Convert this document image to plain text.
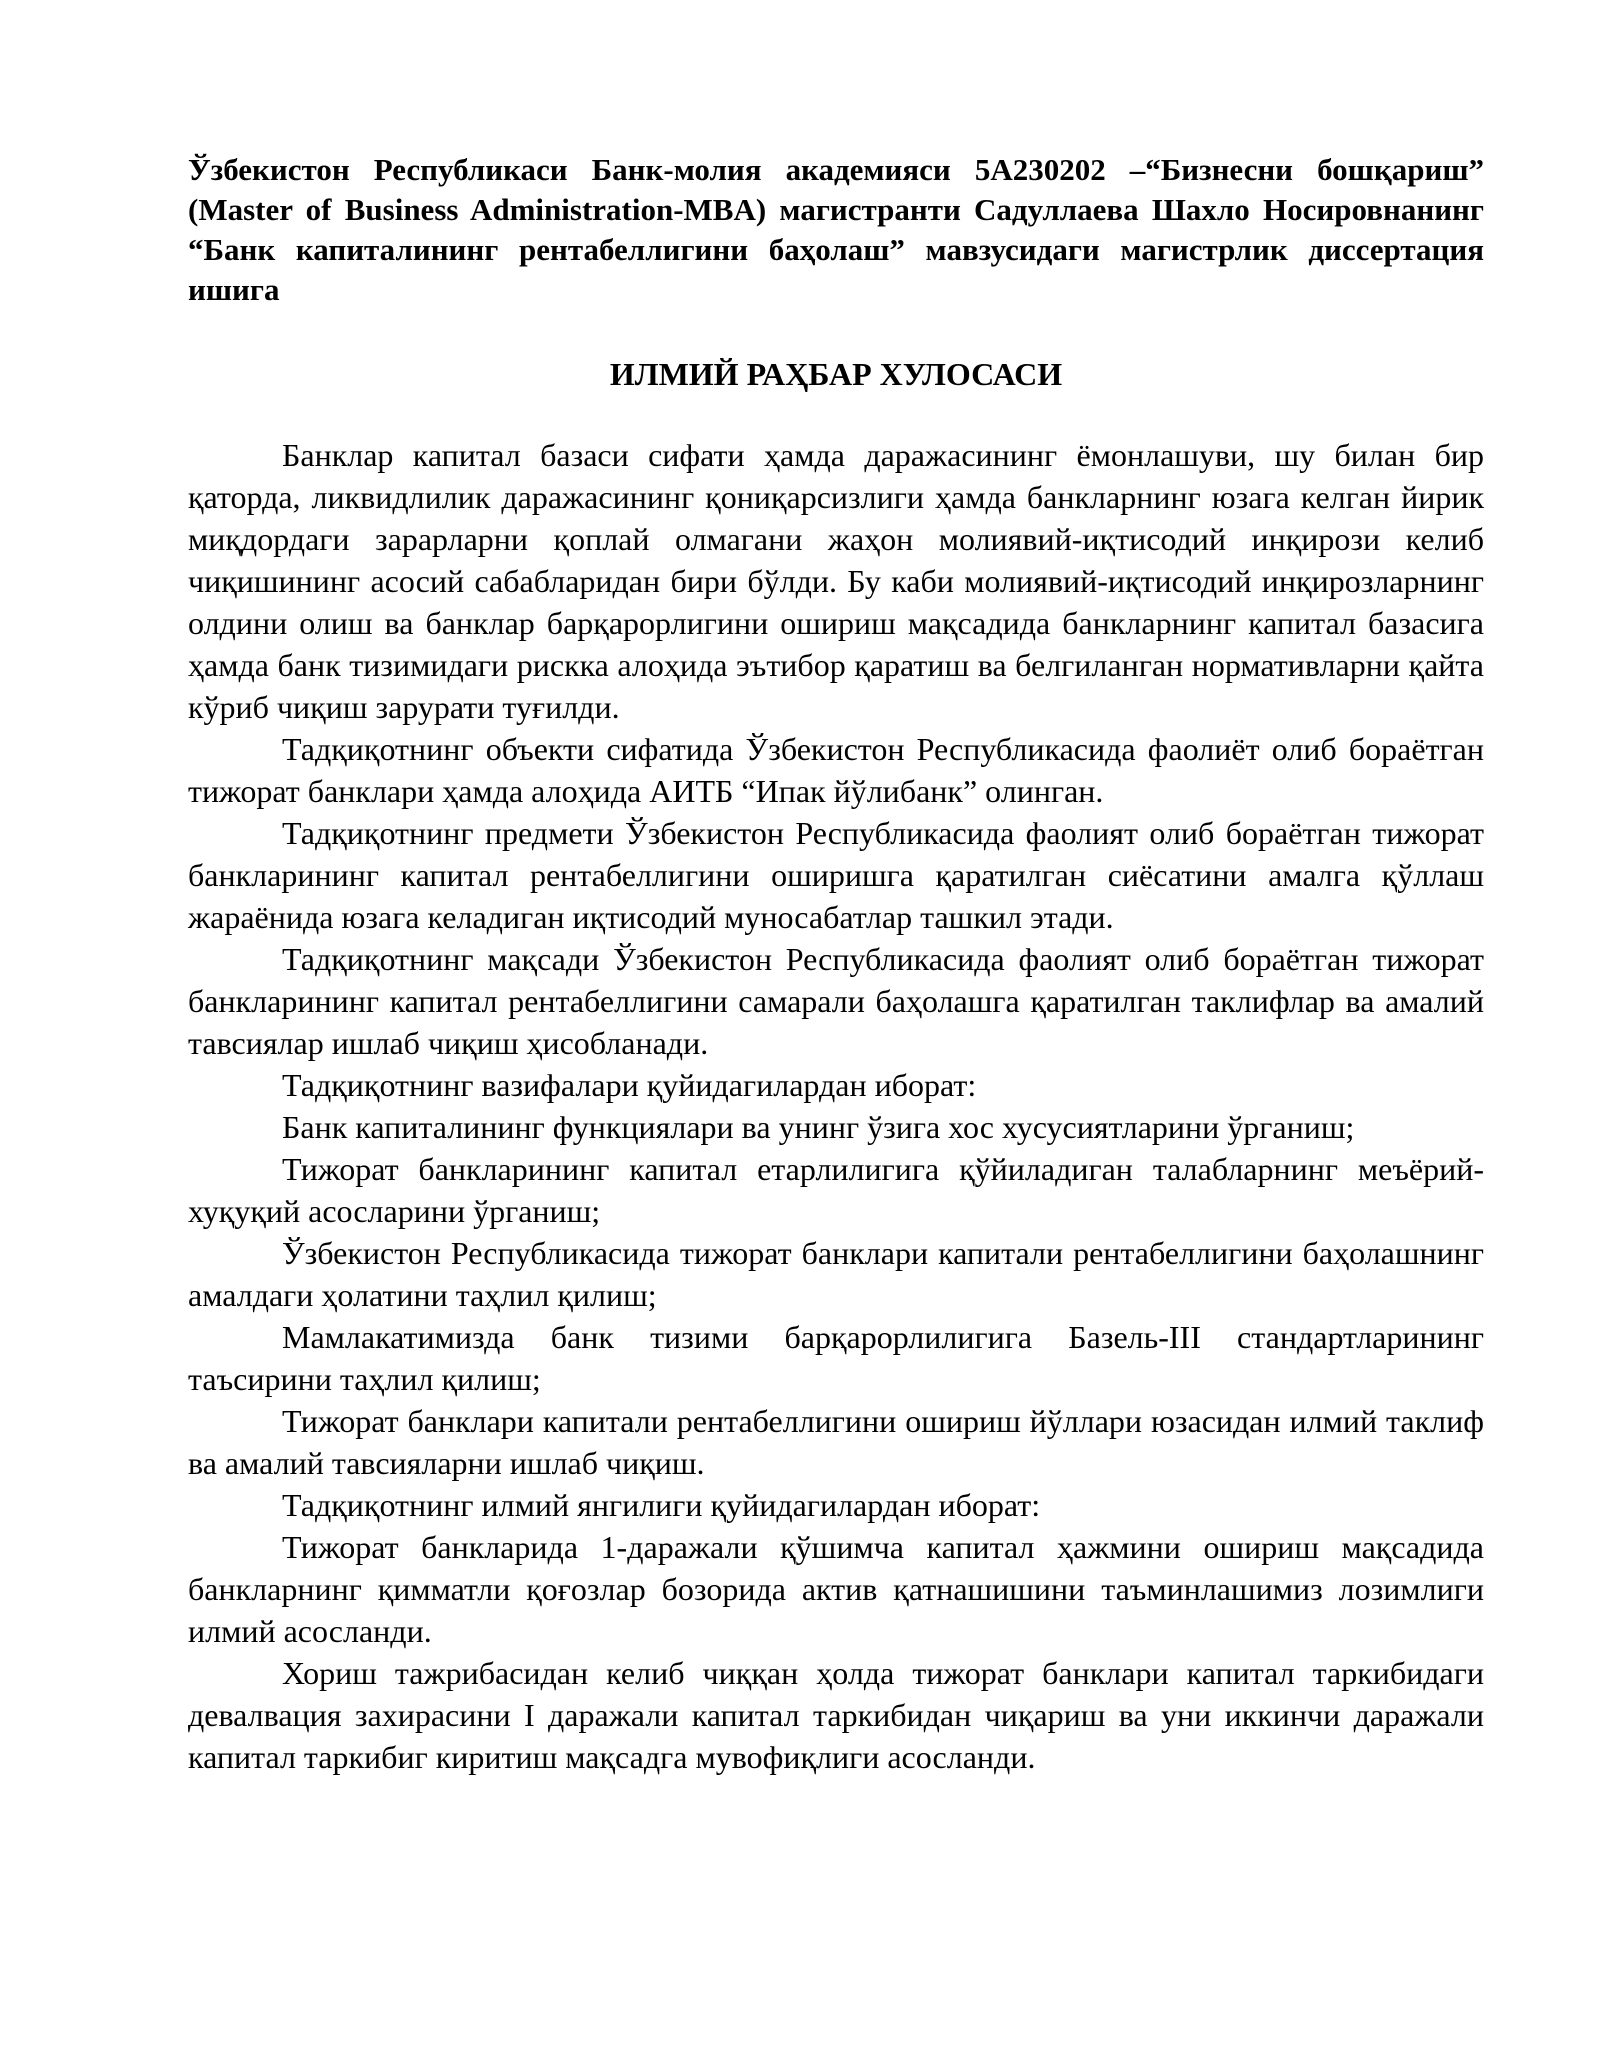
Ўзбекистон Республикаси Банк-молия академияси 5А230202 –“Бизнесни бошқариш” (Master of Business Administration-MBA) магистранти Садуллаева Шахло Носировнанинг “Банк капиталининг рентабеллигини баҳолаш” мавзусидаги магистрлик диссертация ишига

ИЛМИЙ РАҲБАР ХУЛОСАСИ

Банклар капитал базаси сифати ҳамда даражасининг ёмонлашуви, шу билан бир қаторда, ликвидлилик даражасининг қониқарсизлиги ҳамда банкларнинг юзага келган йирик миқдордаги зарарларни қоплай олмагани жаҳон молиявий-иқтисодий инқирози келиб чиқишининг асосий сабабларидан бири бўлди. Бу каби молиявий-иқтисодий инқирозларнинг олдини олиш ва банклар барқарорлигини ошириш мақсадида банкларнинг капитал базасига ҳамда банк тизимидаги рискка алоҳида эътибор қаратиш ва белгиланган нормативларни қайта кўриб чиқиш зарурати туғилди.

Тадқиқотнинг объекти сифатида Ўзбекистон Республикасида фаолиёт олиб бораётган тижорат банклари ҳамда алоҳида АИТБ “Ипак йўлибанк” олинган.

Тадқиқотнинг предмети Ўзбекистон Республикасида фаолият олиб бораётган тижорат банкларининг капитал рентабеллигини оширишга қаратилган сиёсатини амалга қўллаш жараёнида юзага келадиган иқтисодий муносабатлар ташкил этади.

Тадқиқотнинг мақсади Ўзбекистон Республикасида фаолият олиб бораётган тижорат банкларининг капитал рентабеллигини самарали баҳолашга қаратилган таклифлар ва амалий тавсиялар ишлаб чиқиш ҳисобланади.

Тадқиқотнинг вазифалари қуйидагилардан иборат:

Банк капиталининг функциялари ва унинг ўзига хос хусусиятларини ўрганиш;

Тижорат банкларининг капитал етарлилигига қўйиладиган талабларнинг меъёрий-хуқуқий асосларини ўрганиш;

Ўзбекистон Республикасида тижорат банклари капитали рентабеллигини баҳолашнинг амалдаги ҳолатини таҳлил қилиш;

Мамлакатимизда банк тизими барқарорлилигига Базель-III стандартларининг таъсирини таҳлил қилиш;

Тижорат банклари капитали рентабеллигини ошириш йўллари юзасидан илмий таклиф ва амалий тавсияларни ишлаб чиқиш.

Тадқиқотнинг илмий янгилиги қуйидагилардан иборат:

Тижорат банкларида 1-даражали қўшимча капитал ҳажмини ошириш мақсадида банкларнинг қимматли қоғозлар бозорида актив қатнашишини таъминлашимиз лозимлиги илмий асосланди.

Хориш тажрибасидан келиб чиққан ҳолда тижорат банклари капитал таркибидаги девалвация захирасини I даражали капитал таркибидан чиқариш ва уни иккинчи даражали капитал таркибиг киритиш мақсадга мувофиқлиги асосланди.
